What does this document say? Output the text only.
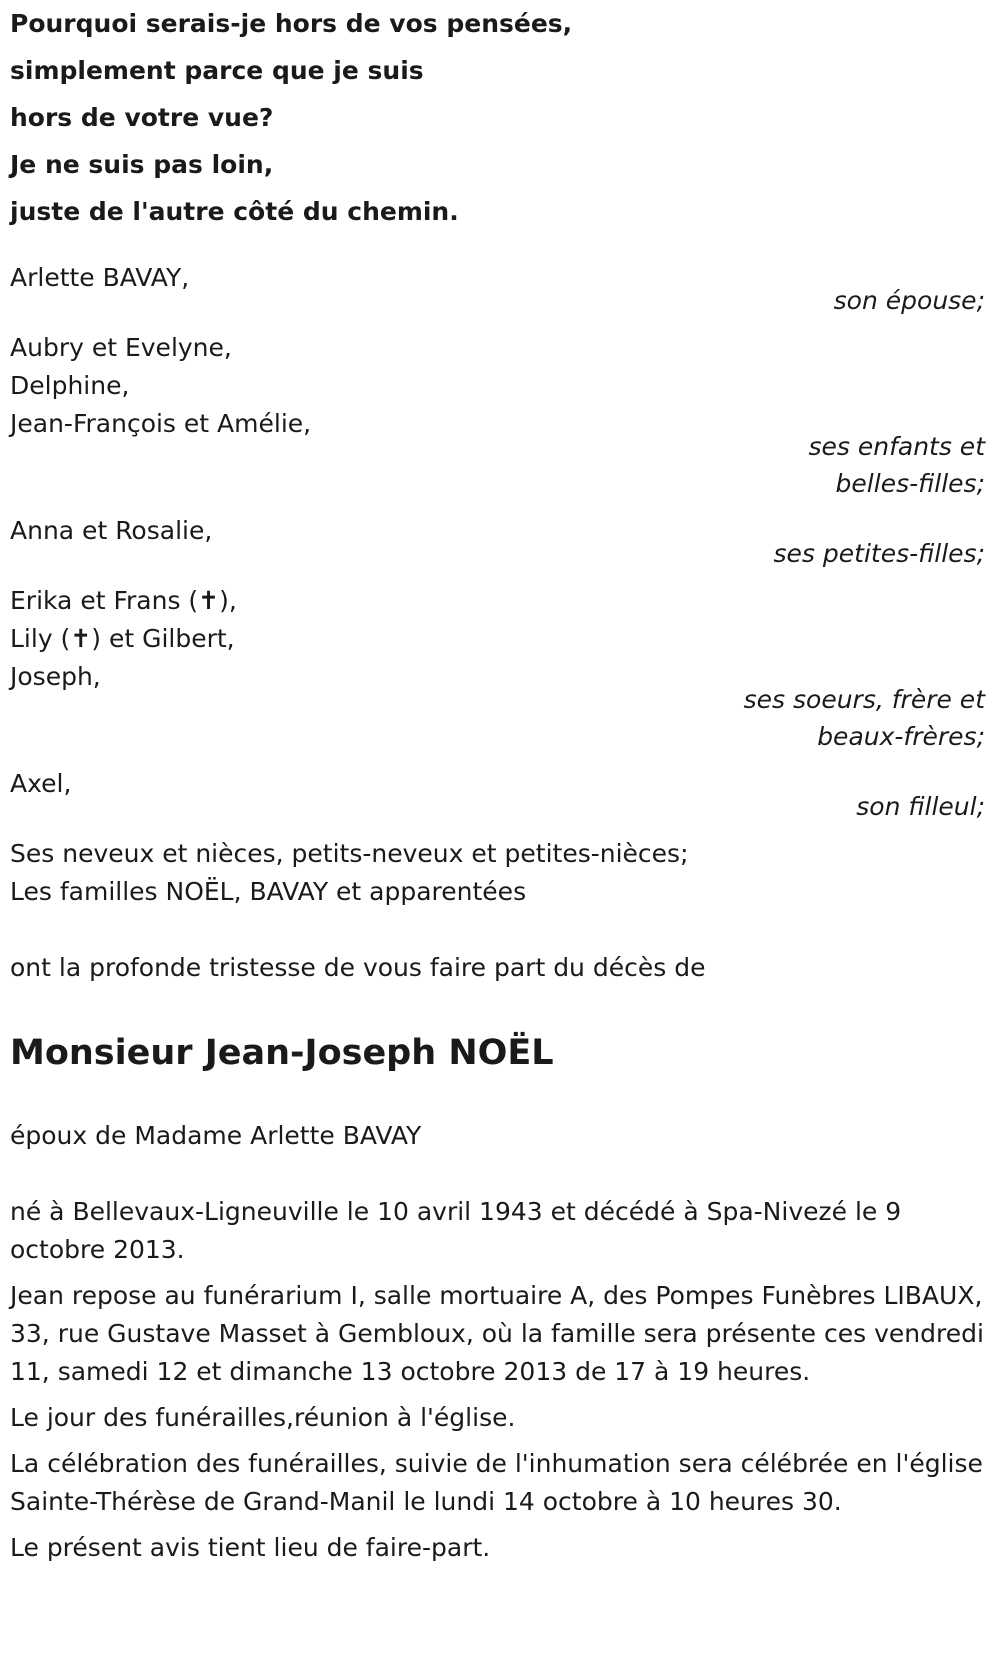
Pourquoi serais-je hors de vos pensées,
simplement parce que je suis
hors de votre vue?
Je ne suis pas loin,
juste de l'autre côté du chemin.
Arlette BAVAY,
son épouse;
Aubry et Evelyne,
Delphine,
Jean-François et Amélie,
ses enfants et
belles-filles;
Anna et Rosalie,
ses petites-filles;
Erika et Frans (✝),
Lily (✝) et Gilbert,
Joseph,
ses soeurs, frère et
beaux-frères;
Axel,
son filleul;
Ses neveux et nièces, petits-neveux et petites-nièces;
Les familles NOËL, BAVAY et apparentées
ont la profonde tristesse de vous faire part du décès de
Monsieur Jean-Joseph NOËL
époux de Madame Arlette BAVAY
né à Bellevaux-Ligneuville le 10 avril 1943 et décédé à Spa-Nivezé le 9 octobre 2013.
Jean repose au funérarium I, salle mortuaire A, des Pompes Funèbres LIBAUX, 33, rue Gustave Masset à Gembloux, où la famille sera présente ces vendredi 11, samedi 12 et dimanche 13 octobre 2013 de 17 à 19 heures.
Le jour des funérailles,réunion à l'église.
La célébration des funérailles, suivie de l'inhumation sera célébrée en l'église Sainte-Thérèse de Grand-Manil le lundi 14 octobre à 10 heures 30.
Le présent avis tient lieu de faire-part.
